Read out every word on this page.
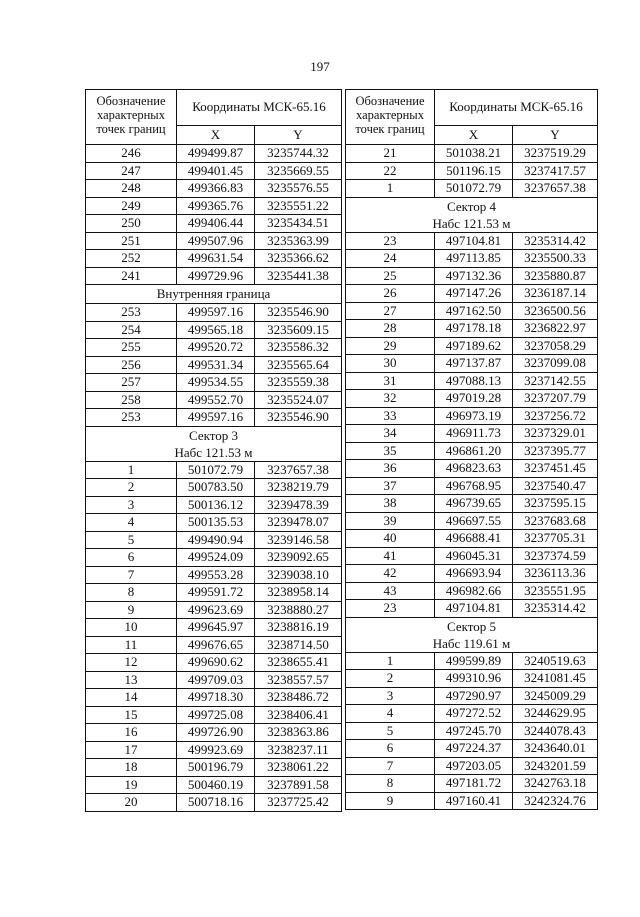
197
Обозначение характерных точек границ	Координаты МСК-65.16	
	X	Y
246	499499.87	3235744.32
247	499401.45	3235669.55
248	499366.83	3235576.55
249	499365.76	3235551.22
250	499406.44	3235434.51
251	499507.96	3235363.99
252	499631.54	3235366.62
241	499729.96	3235441.38
Внутренняя граница		
253	499597.16	3235546.90
254	499565.18	3235609.15
255	499520.72	3235586.32
256	499531.34	3235565.64
257	499534.55	3235559.38
258	499552.70	3235524.07
253	499597.16	3235546.90

Сектор 3
Набс 121.53 м		

1	501072.79	3237657.38
2	500783.50	3238219.79
3	500136.12	3239478.39
4	500135.53	3239478.07
5	499490.94	3239146.58
6	499524.09	3239092.65
7	499553.28	3239038.10
8	499591.72	3238958.14
9	499623.69	3238880.27
10	499645.97	3238816.19
11	499676.65	3238714.50
12	499690.62	3238655.41
13	499709.03	3238557.57
14	499718.30	3238486.72
15	499725.08	3238406.41
16	499726.90	3238363.86
17	499923.69	3238237.11
18	500196.79	3238061.22
19	500460.19	3237891.58
20	500718.16	3237725.42
Обозначение характерных точек границ	Координаты МСК-65.16	
	X	Y
21	501038.21	3237519.29
22	501196.15	3237417.57
1	501072.79	3237657.38

Сектор 4
Набс 121.53 м		

23	497104.81	3235314.42
24	497113.85	3235500.33
25	497132.36	3235880.87
26	497147.26	3236187.14
27	497162.50	3236500.56
28	497178.18	3236822.97
29	497189.62	3237058.29
30	497137.87	3237099.08
31	497088.13	3237142.55
32	497019.28	3237207.79
33	496973.19	3237256.72
34	496911.73	3237329.01
35	496861.20	3237395.77
36	496823.63	3237451.45
37	496768.95	3237540.47
38	496739.65	3237595.15
39	496697.55	3237683.68
40	496688.41	3237705.31
41	496045.31	3237374.59
42	496693.94	3236113.36
43	496982.66	3235551.95
23	497104.81	3235314.42

Сектор 5
Набс 119.61 м		

1	499599.89	3240519.63
2	499310.96	3241081.45
3	497290.97	3245009.29
4	497272.52	3244629.95
5	497245.70	3244078.43
6	497224.37	3243640.01
7	497203.05	3243201.59
8	497181.72	3242763.18
9	497160.41	3242324.76
